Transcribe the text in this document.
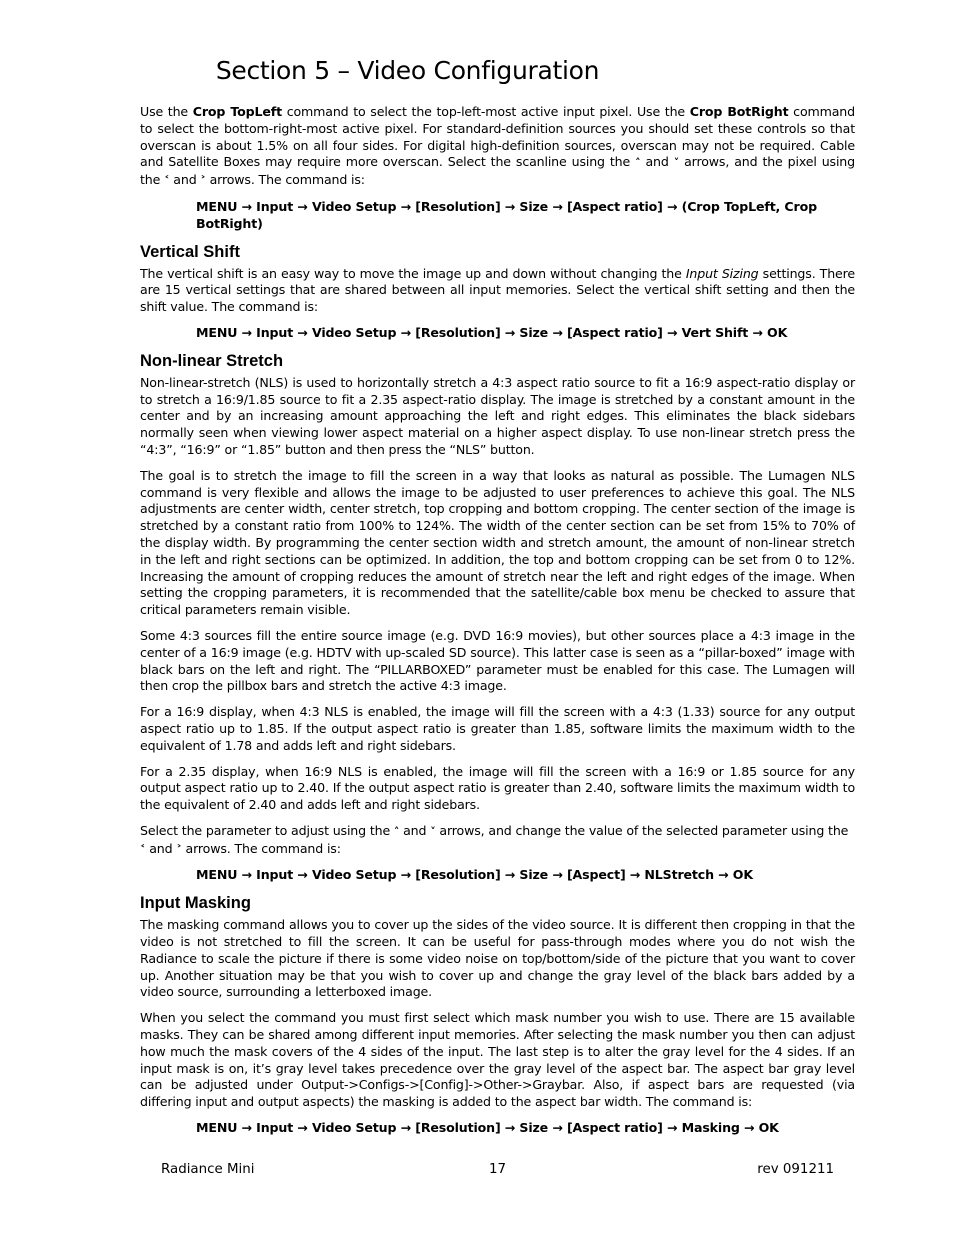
Section 5 – Video Configuration

Use the Crop TopLeft command to select the top-left-most active input pixel. Use the Crop BotRight command to select the bottom-right-most active pixel. For standard-definition sources you should set these controls so that overscan is about 1.5% on all four sides. For digital high-definition sources, overscan may not be required. Cable and Satellite Boxes may require more overscan. Select the scanline using the ˄ and ˅ arrows, and the pixel using the ˂ and ˃ arrows. The command is:

MENU → Input → Video Setup → [Resolution] → Size → [Aspect ratio] → (Crop TopLeft, Crop BotRight)

Vertical Shift

The vertical shift is an easy way to move the image up and down without changing the Input Sizing settings. There are 15 vertical settings that are shared between all input memories. Select the vertical shift setting and then the shift value. The command is:

MENU → Input → Video Setup → [Resolution] → Size → [Aspect ratio] → Vert Shift → OK

Non-linear Stretch

Non-linear-stretch (NLS) is used to horizontally stretch a 4:3 aspect ratio source to fit a 16:9 aspect-ratio display or to stretch a 16:9/1.85 source to fit a 2.35 aspect-ratio display. The image is stretched by a constant amount in the center and by an increasing amount approaching the left and right edges. This eliminates the black sidebars normally seen when viewing lower aspect material on a higher aspect display. To use non-linear stretch press the “4:3”, “16:9” or “1.85” button and then press the “NLS” button.

The goal is to stretch the image to fill the screen in a way that looks as natural as possible. The Lumagen NLS command is very flexible and allows the image to be adjusted to user preferences to achieve this goal. The NLS adjustments are center width, center stretch, top cropping and bottom cropping. The center section of the image is stretched by a constant ratio from 100% to 124%. The width of the center section can be set from 15% to 70% of the display width. By programming the center section width and stretch amount, the amount of non-linear stretch in the left and right sections can be optimized. In addition, the top and bottom cropping can be set from 0 to 12%. Increasing the amount of cropping reduces the amount of stretch near the left and right edges of the image. When setting the cropping parameters, it is recommended that the satellite/cable box menu be checked to assure that critical parameters remain visible.

Some 4:3 sources fill the entire source image (e.g. DVD 16:9 movies), but other sources place a 4:3 image in the center of a 16:9 image (e.g. HDTV with up-scaled SD source). This latter case is seen as a “pillar-boxed” image with black bars on the left and right. The “PILLARBOXED” parameter must be enabled for this case. The Lumagen will then crop the pillbox bars and stretch the active 4:3 image.

For a 16:9 display, when 4:3 NLS is enabled, the image will fill the screen with a 4:3 (1.33) source for any output aspect ratio up to 1.85. If the output aspect ratio is greater than 1.85, software limits the maximum width to the equivalent of 1.78 and adds left and right sidebars.

For a 2.35 display, when 16:9 NLS is enabled, the image will fill the screen with a 16:9 or 1.85 source for any output aspect ratio up to 2.40. If the output aspect ratio is greater than 2.40, software limits the maximum width to the equivalent of 2.40 and adds left and right sidebars.

Select the parameter to adjust using the ˄ and ˅ arrows, and change the value of the selected parameter using the ˂ and ˃ arrows. The command is:

MENU → Input → Video Setup → [Resolution] → Size → [Aspect] → NLStretch → OK

Input Masking

The masking command allows you to cover up the sides of the video source. It is different then cropping in that the video is not stretched to fill the screen. It can be useful for pass-through modes where you do not wish the Radiance to scale the picture if there is some video noise on top/bottom/side of the picture that you want to cover up. Another situation may be that you wish to cover up and change the gray level of the black bars added by a video source, surrounding a letterboxed image.

When you select the command you must first select which mask number you wish to use. There are 15 available masks. They can be shared among different input memories. After selecting the mask number you then can adjust how much the mask covers of the 4 sides of the input. The last step is to alter the gray level for the 4 sides. If an input mask is on, it’s gray level takes precedence over the gray level of the aspect bar. The aspect bar gray level can be adjusted under Output->Configs->[Config]->Other->Graybar. Also, if aspect bars are requested (via differing input and output aspects) the masking is added to the aspect bar width. The command is:

MENU → Input → Video Setup → [Resolution] → Size → [Aspect ratio] → Masking → OK

Radiance Mini	17	rev 091211
